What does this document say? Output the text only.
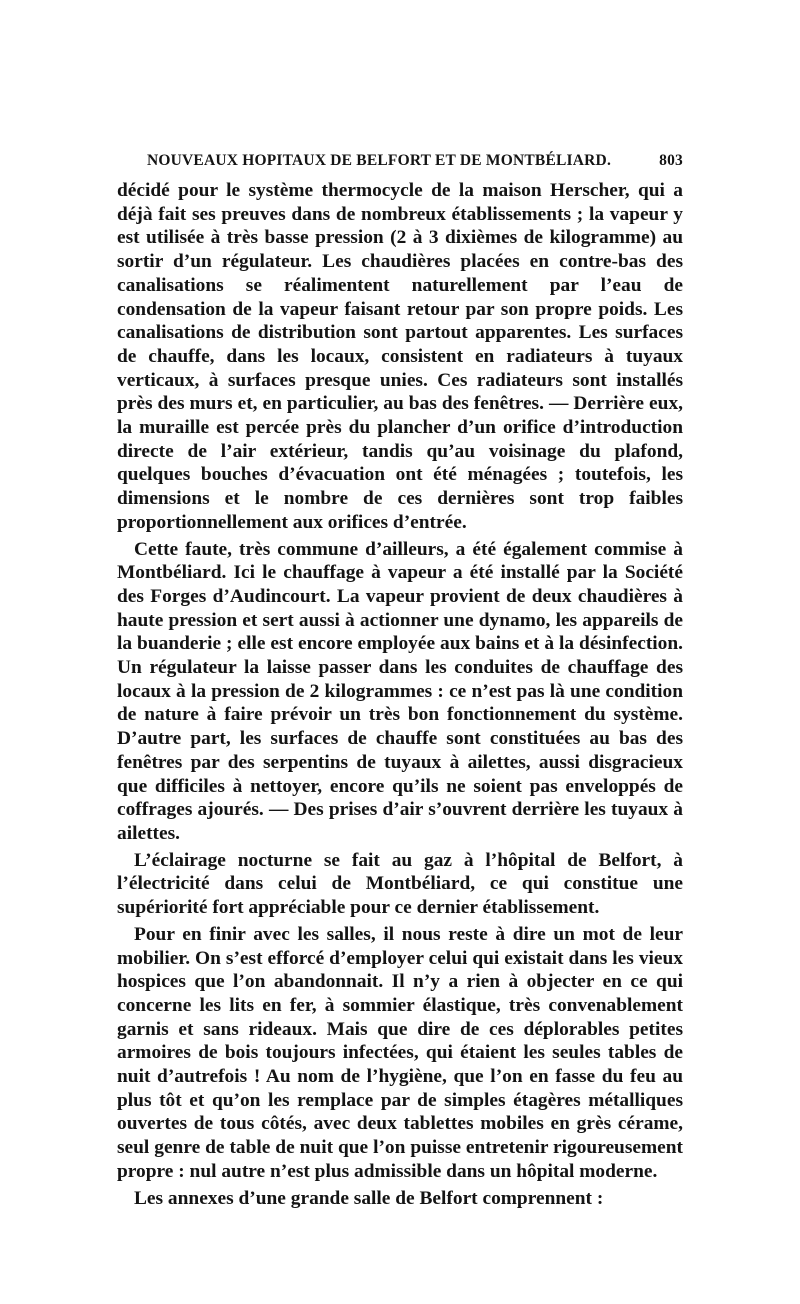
NOUVEAUX HOPITAUX DE BELFORT ET DE MONTBÉLIARD.	803

décidé pour le système thermocycle de la maison Herscher, qui a déjà fait ses preuves dans de nombreux établissements ; la vapeur y est utilisée à très basse pression (2 à 3 dixièmes de kilogramme) au sortir d’un régulateur. Les chaudières placées en contre-bas des canalisations se réalimentent naturellement par l’eau de condensation de la vapeur faisant retour par son propre poids. Les canalisations de distribution sont partout apparentes. Les surfaces de chauffe, dans les locaux, consistent en radiateurs à tuyaux verticaux, à surfaces presque unies. Ces radiateurs sont installés près des murs et, en particulier, au bas des fenêtres. — Derrière eux, la muraille est percée près du plancher d’un orifice d’introduction directe de l’air extérieur, tandis qu’au voisinage du plafond, quelques bouches d’évacuation ont été ménagées ; toutefois, les dimensions et le nombre de ces dernières sont trop faibles proportionnellement aux orifices d’entrée.

Cette faute, très commune d’ailleurs, a été également commise à Montbéliard. Ici le chauffage à vapeur a été installé par la Société des Forges d’Audincourt. La vapeur provient de deux chaudières à haute pression et sert aussi à actionner une dynamo, les appareils de la buanderie ; elle est encore employée aux bains et à la désinfection. Un régulateur la laisse passer dans les conduites de chauffage des locaux à la pression de 2 kilogrammes : ce n’est pas là une condition de nature à faire prévoir un très bon fonctionnement du système. D’autre part, les surfaces de chauffe sont constituées au bas des fenêtres par des serpentins de tuyaux à ailettes, aussi disgracieux que difficiles à nettoyer, encore qu’ils ne soient pas enveloppés de coffrages ajourés. — Des prises d’air s’ouvrent derrière les tuyaux à ailettes.

L’éclairage nocturne se fait au gaz à l’hôpital de Belfort, à l’électricité dans celui de Montbéliard, ce qui constitue une supériorité fort appréciable pour ce dernier établissement.

Pour en finir avec les salles, il nous reste à dire un mot de leur mobilier. On s’est efforcé d’employer celui qui existait dans les vieux hospices que l’on abandonnait. Il n’y a rien à objecter en ce qui concerne les lits en fer, à sommier élastique, très convenablement garnis et sans rideaux. Mais que dire de ces déplorables petites armoires de bois toujours infectées, qui étaient les seules tables de nuit d’autrefois ! Au nom de l’hygiène, que l’on en fasse du feu au plus tôt et qu’on les remplace par de simples étagères métalliques ouvertes de tous côtés, avec deux tablettes mobiles en grès cérame, seul genre de table de nuit que l’on puisse entretenir rigoureusement propre : nul autre n’est plus admissible dans un hôpital moderne.

Les annexes d’une grande salle de Belfort comprennent :
